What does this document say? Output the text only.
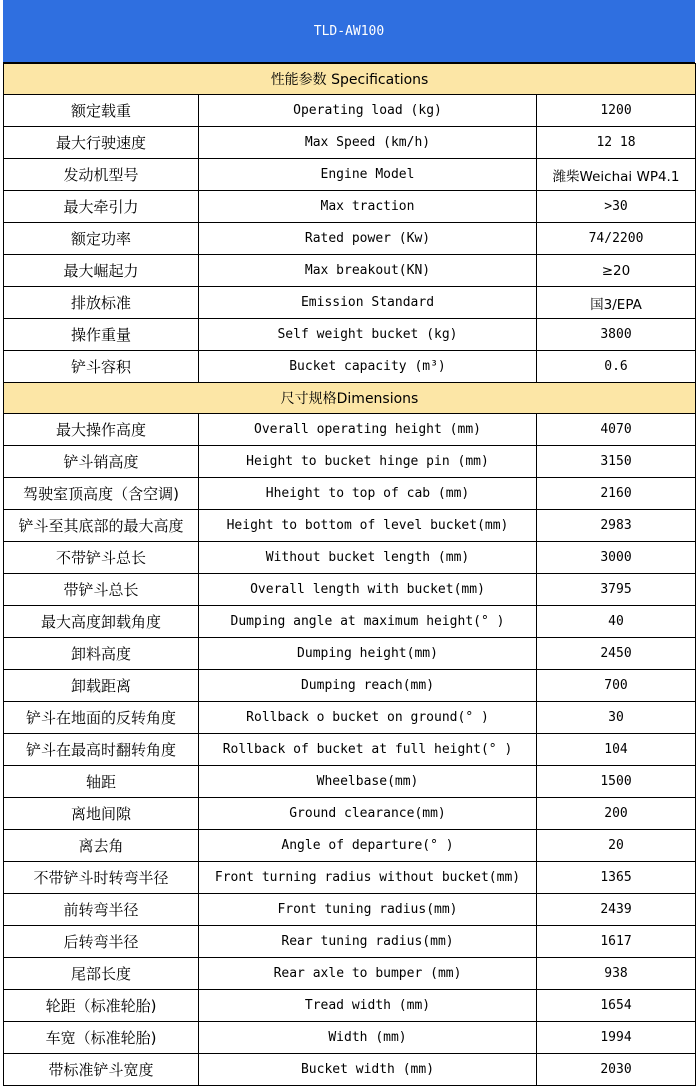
TLD-AW100
性能参数 Specifications		
额定载重	Operating load (kg)	1200
最大行驶速度	Max Speed (km/h)	12 18
发动机型号	Engine Model	潍柴Weichai WP4.1
最大牵引力	Max traction	>30
额定功率	Rated power (Kw)	74/2200
最大崛起力	Max breakout(KN)	≥20
排放标准	Emission Standard	国3/EPA
操作重量	Self weight bucket (kg)	3800
铲斗容积	Bucket capacity (m³)	0.6
尺寸规格Dimensions		
最大操作高度	Overall operating height (mm)	4070
铲斗销高度	Height to bucket hinge pin (mm)	3150
驾驶室顶高度（含空调)	Hheight to top of cab (mm)	2160
铲斗至其底部的最大高度	Height to bottom of level bucket(mm)	2983
不带铲斗总长	Without bucket length (mm)	3000
带铲斗总长	Overall length with bucket(mm)	3795
最大高度卸载角度	Dumping angle at maximum height(° )	40
卸料高度	Dumping height(mm)	2450
卸载距离	Dumping reach(mm)	700
铲斗在地面的反转角度	Rollback o bucket on ground(° )	30
铲斗在最高时翻转角度	Rollback of bucket at full height(° )	104
轴距	Wheelbase(mm)	1500
离地间隙	Ground clearance(mm)	200
离去角	Angle of departure(° )	20
不带铲斗时转弯半径	Front turning radius without bucket(mm)	1365
前转弯半径	Front tuning radius(mm)	2439
后转弯半径	Rear tuning radius(mm)	1617
尾部长度	Rear axle to bumper (mm)	938
轮距（标准轮胎)	Tread width (mm)	1654
车宽（标准轮胎)	Width (mm)	1994
带标准铲斗宽度	Bucket width (mm)	2030
